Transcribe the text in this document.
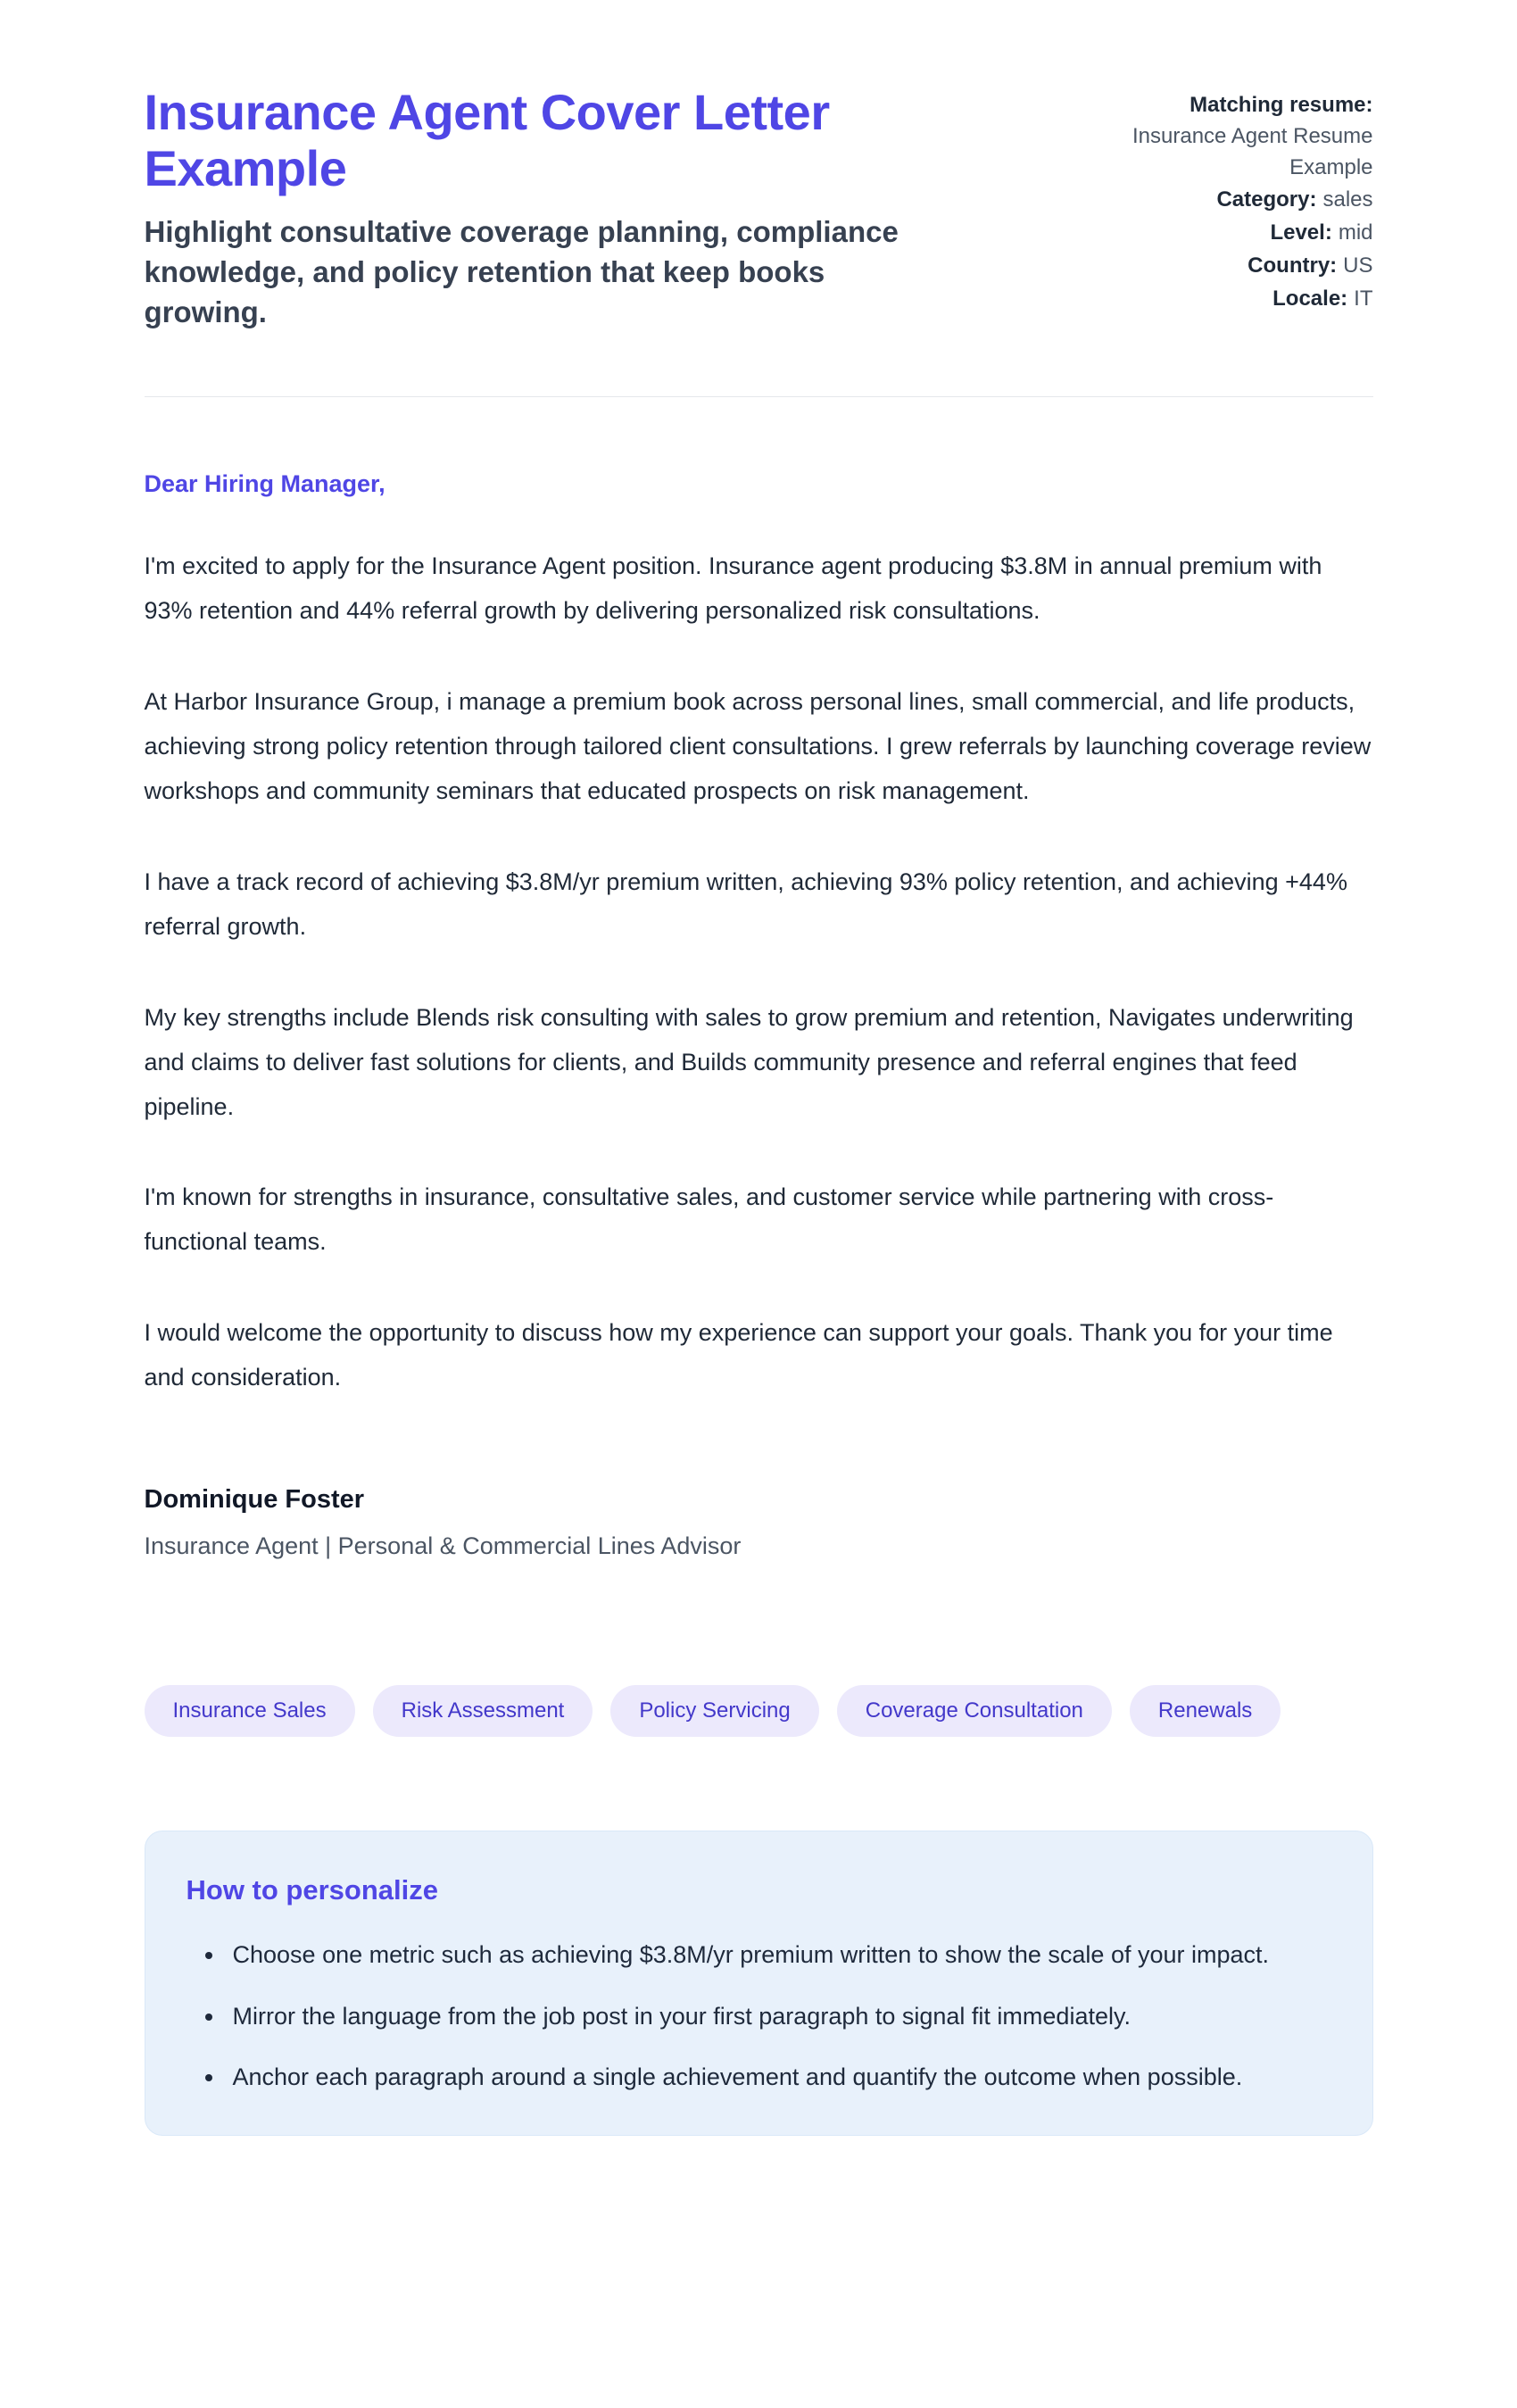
Insurance Agent Cover Letter Example
Highlight consultative coverage planning, compliance knowledge, and policy retention that keep books growing.
Matching resume:
Insurance Agent Resume Example
Category: sales
Level: mid
Country: US
Locale: IT
Dear Hiring Manager,

I'm excited to apply for the Insurance Agent position. Insurance agent producing $3.8M in annual premium with 93% retention and 44% referral growth by delivering personalized risk consultations.

At Harbor Insurance Group, i manage a premium book across personal lines, small commercial, and life products, achieving strong policy retention through tailored client consultations. I grew referrals by launching coverage review workshops and community seminars that educated prospects on risk management.

I have a track record of achieving $3.8M/yr premium written, achieving 93% policy retention, and achieving +44% referral growth.

My key strengths include Blends risk consulting with sales to grow premium and retention, Navigates underwriting and claims to deliver fast solutions for clients, and Builds community presence and referral engines that feed pipeline.

I'm known for strengths in insurance, consultative sales, and customer service while partnering with cross-functional teams.

I would welcome the opportunity to discuss how my experience can support your goals. Thank you for your time and consideration.

Dominique Foster
Insurance Agent | Personal & Commercial Lines Advisor
Insurance Sales	Risk Assessment	Policy Servicing	Coverage Consultation	Renewals
How to personalize
• Choose one metric such as achieving $3.8M/yr premium written to show the scale of your impact.
• Mirror the language from the job post in your first paragraph to signal fit immediately.
• Anchor each paragraph around a single achievement and quantify the outcome when possible.
